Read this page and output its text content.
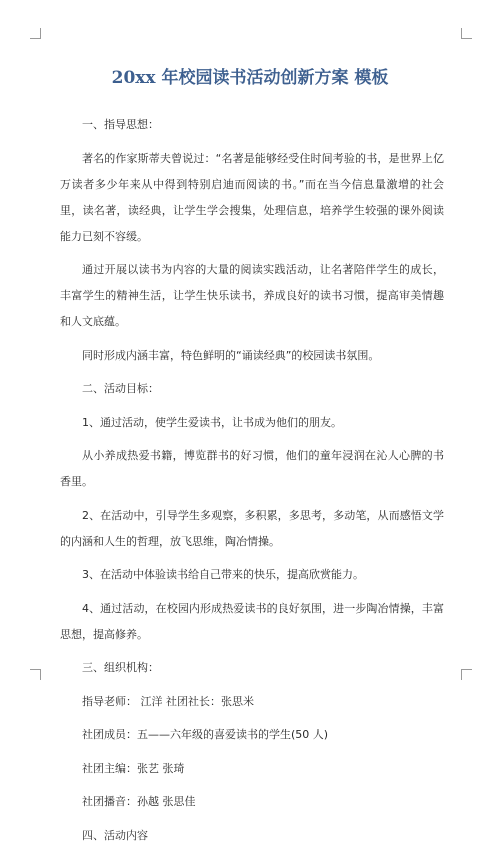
20xx 年校园读书活动创新方案 模板

一、指导思想：

著名的作家斯蒂夫曾说过：“名著是能够经受住时间考验的书，是世界上亿万读者多少年来从中得到特别启迪而阅读的书。”而在当今信息量激增的社会里，读名著，读经典，让学生学会搜集，处理信息，培养学生较强的课外阅读能力已刻不容缓。

通过开展以读书为内容的大量的阅读实践活动，让名著陪伴学生的成长，丰富学生的精神生活，让学生快乐读书，养成良好的读书习惯，提高审美情趣和人文底蕴。

同时形成内涵丰富，特色鲜明的“诵读经典”的校园读书氛围。

二、活动目标：

1、通过活动，使学生爱读书，让书成为他们的朋友。

从小养成热爱书籍，博览群书的好习惯，他们的童年浸润在沁人心脾的书香里。

2、在活动中，引导学生多观察，多积累，多思考，多动笔，从而感悟文学的内涵和人生的哲理，放飞思维，陶冶情操。

3、在活动中体验读书给自己带来的快乐，提高欣赏能力。

4、通过活动，在校园内形成热爱读书的良好氛围，进一步陶冶情操，丰富思想，提高修养。

三、组织机构：

指导老师： 江洋 社团社长：张思米

社团成员：五——六年级的喜爱读书的学生(50 人)

社团主编：张艺 张琦

社团播音：孙越 张思佳

四、活动内容
